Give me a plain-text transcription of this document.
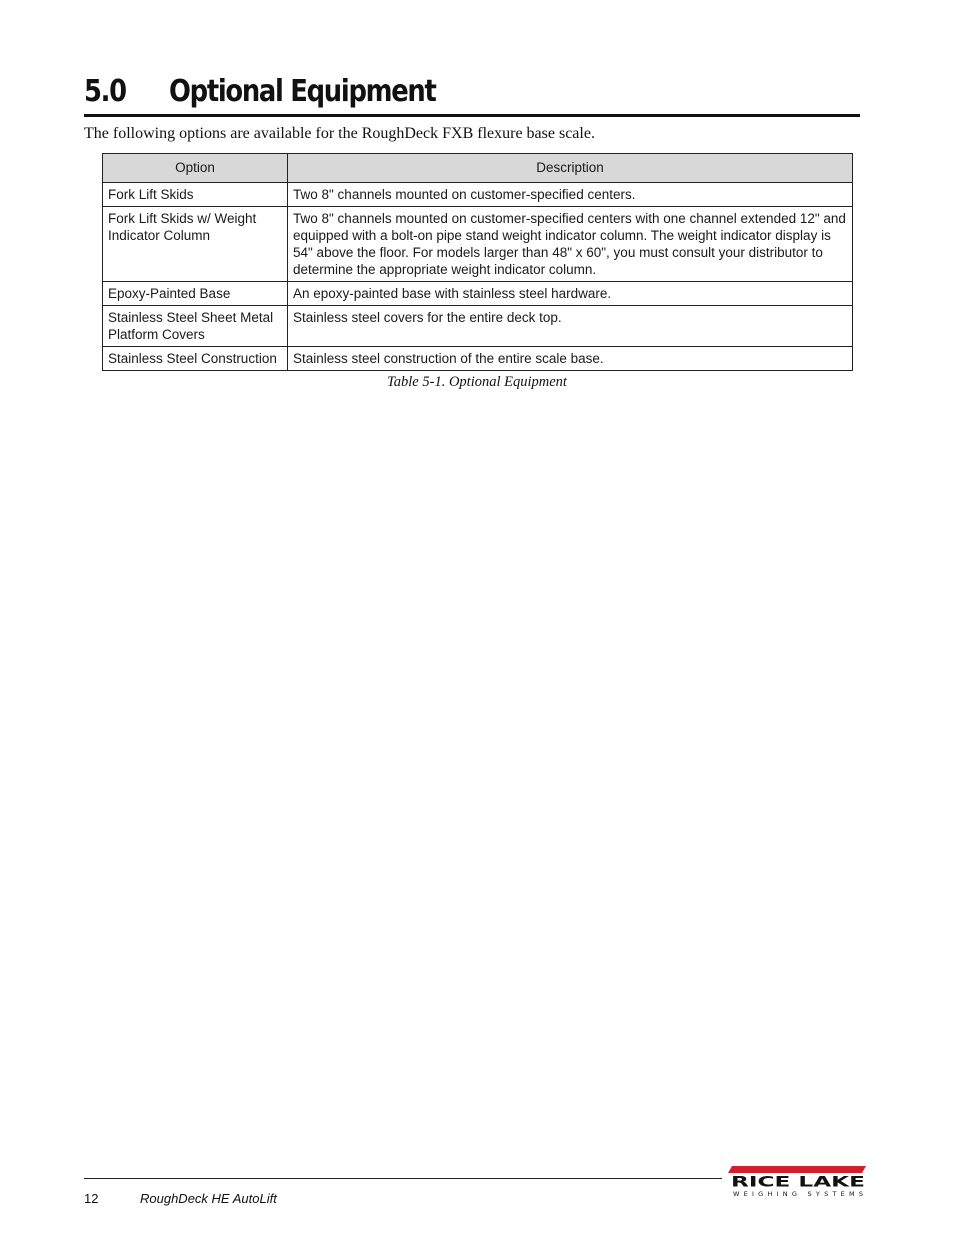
5.0 Optional Equipment
The following options are available for the RoughDeck FXB flexure base scale.
Option	Description
Fork Lift Skids	Two 8" channels mounted on customer-specified centers.
Fork Lift Skids w/ Weight Indicator Column	Two 8" channels mounted on customer-specified centers with one channel extended 12" and equipped with a bolt-on pipe stand weight indicator column. The weight indicator display is 54" above the floor. For models larger than 48" x 60", you must consult your distributor to determine the appropriate weight indicator column.
Epoxy-Painted Base	An epoxy-painted base with stainless steel hardware.
Stainless Steel Sheet Metal Platform Covers	Stainless steel covers for the entire deck top.
Stainless Steel Construction	Stainless steel construction of the entire scale base.
Table 5-1. Optional Equipment
12	RoughDeck HE AutoLift
RICE LAKE
WEIGHING SYSTEMS
